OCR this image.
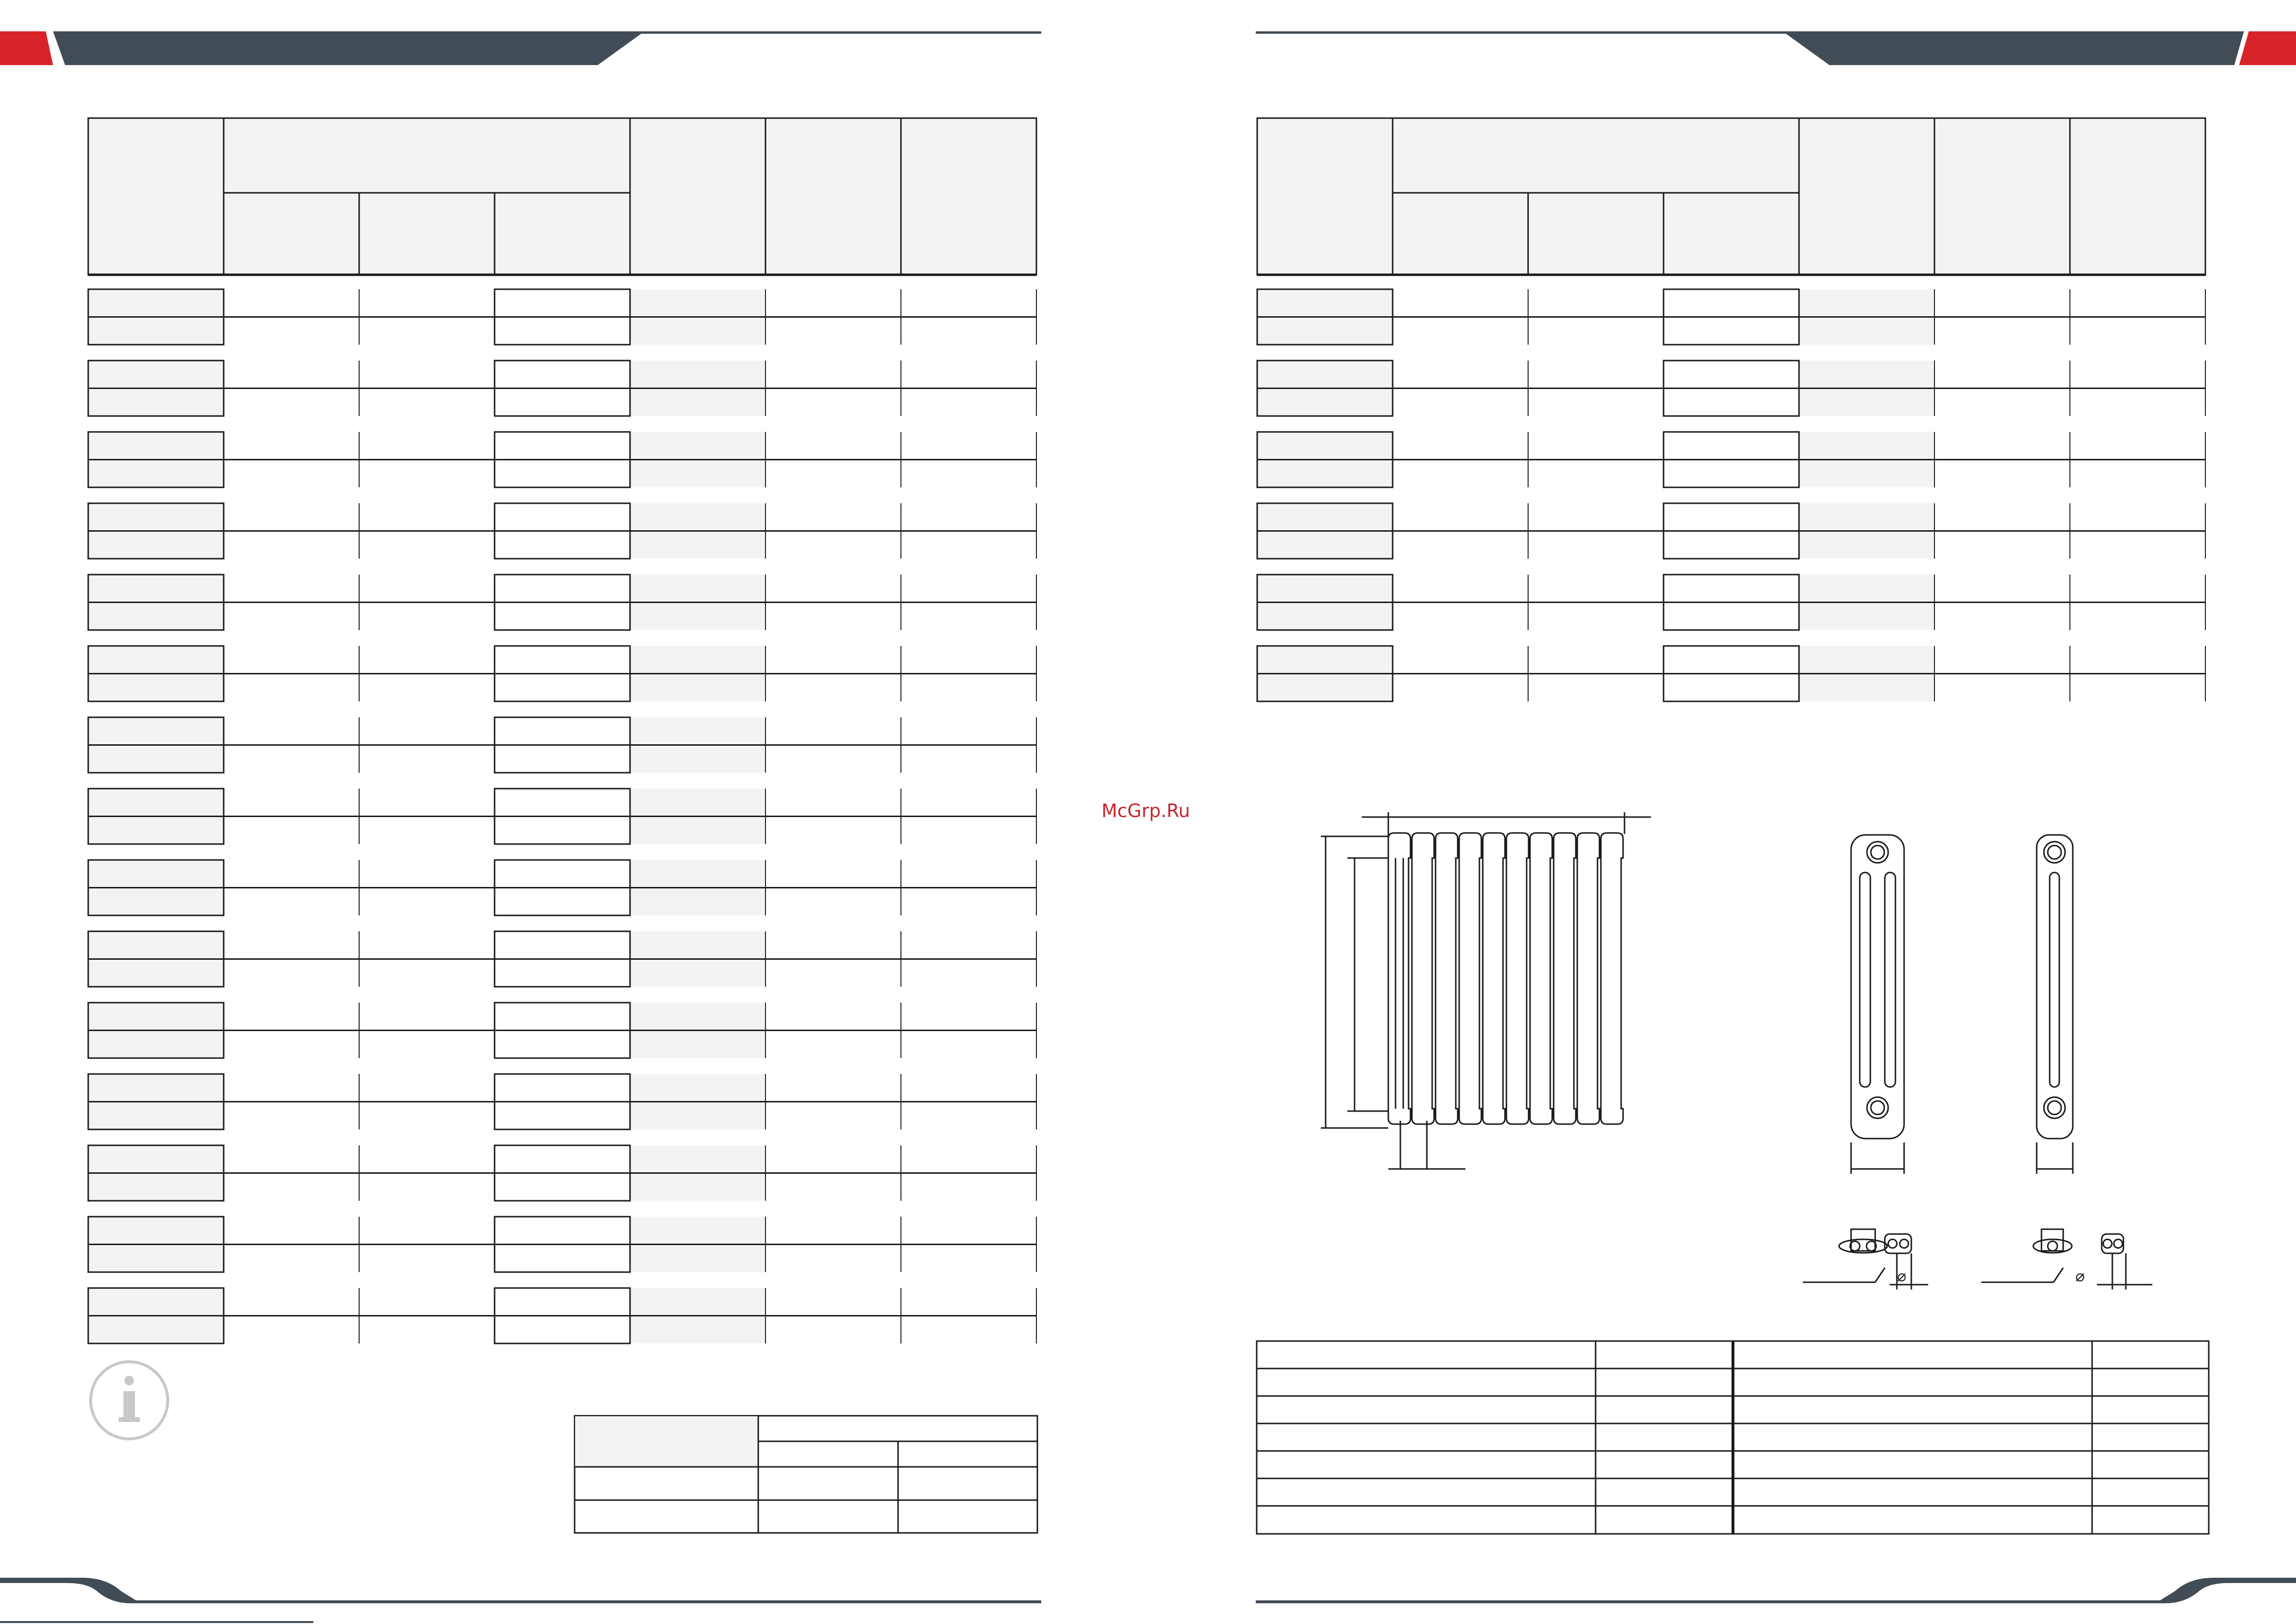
McGrp.Ru
⌀	⌀
